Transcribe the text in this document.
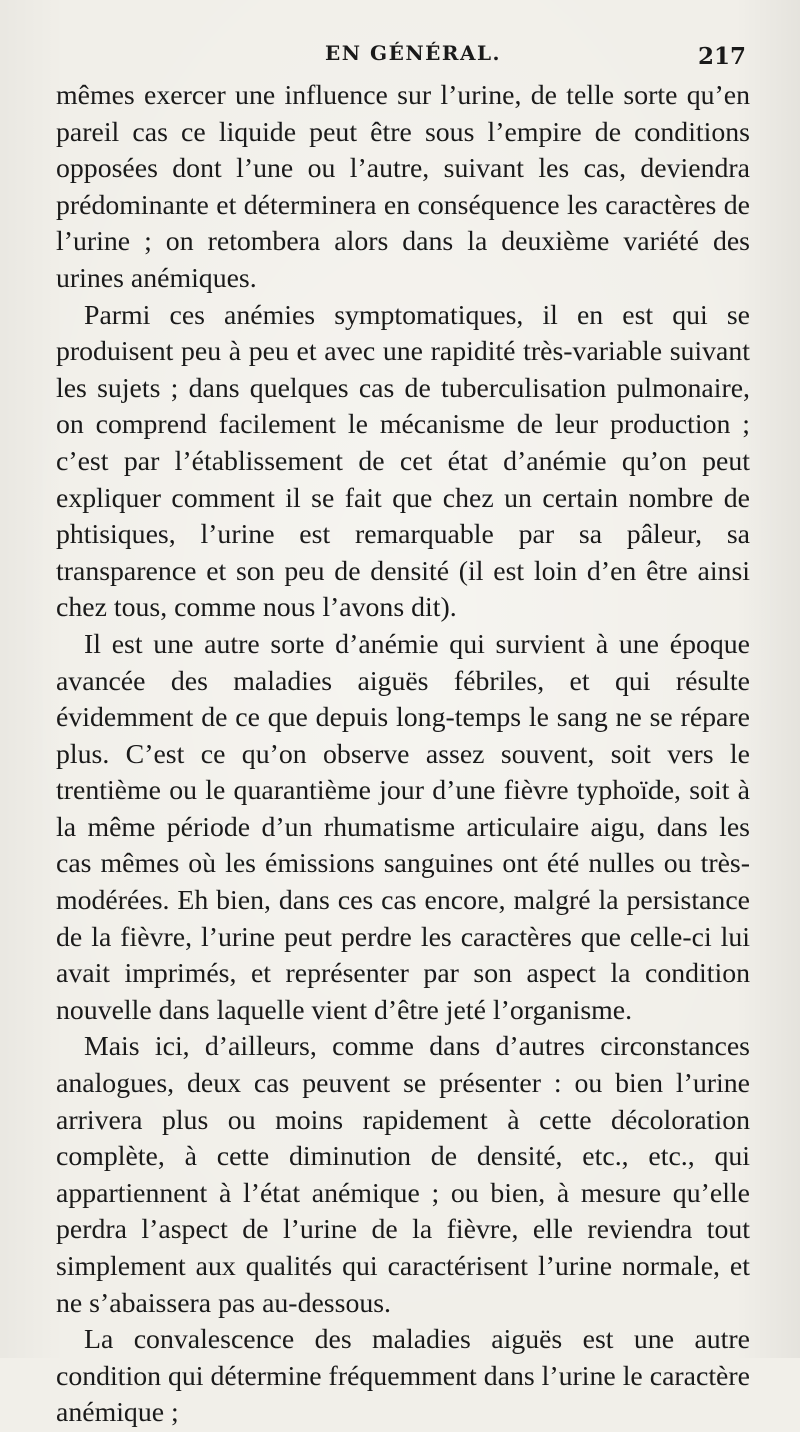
EN GÉNÉRAL.	217

mêmes exercer une influence sur l’urine, de telle sorte qu’en pareil cas ce liquide peut être sous l’empire de conditions opposées dont l’une ou l’autre, suivant les cas, deviendra prédominante et déterminera en conséquence les caractères de l’urine ; on retombera alors dans la deuxième variété des urines anémiques.

Parmi ces anémies symptomatiques, il en est qui se produisent peu à peu et avec une rapidité très-variable suivant les sujets ; dans quelques cas de tuberculisation pulmonaire, on comprend facilement le mécanisme de leur production ; c’est par l’établissement de cet état d’anémie qu’on peut expliquer comment il se fait que chez un certain nombre de phtisiques, l’urine est remarquable par sa pâleur, sa transparence et son peu de densité (il est loin d’en être ainsi chez tous, comme nous l’avons dit).

Il est une autre sorte d’anémie qui survient à une époque avancée des maladies aiguës fébriles, et qui résulte évidemment de ce que depuis long-temps le sang ne se répare plus. C’est ce qu’on observe assez souvent, soit vers le trentième ou le quarantième jour d’une fièvre typhoïde, soit à la même période d’un rhumatisme articulaire aigu, dans les cas mêmes où les émissions sanguines ont été nulles ou très-modérées. Eh bien, dans ces cas encore, malgré la persistance de la fièvre, l’urine peut perdre les caractères que celle-ci lui avait imprimés, et représenter par son aspect la condition nouvelle dans laquelle vient d’être jeté l’organisme.

Mais ici, d’ailleurs, comme dans d’autres circonstances analogues, deux cas peuvent se présenter : ou bien l’urine arrivera plus ou moins rapidement à cette décoloration complète, à cette diminution de densité, etc., etc., qui appartiennent à l’état anémique ; ou bien, à mesure qu’elle perdra l’aspect de l’urine de la fièvre, elle reviendra tout simplement aux qualités qui caractérisent l’urine normale, et ne s’abaissera pas au-dessous.

La convalescence des maladies aiguës est une autre condition qui détermine fréquemment dans l’urine le caractère anémique ;
